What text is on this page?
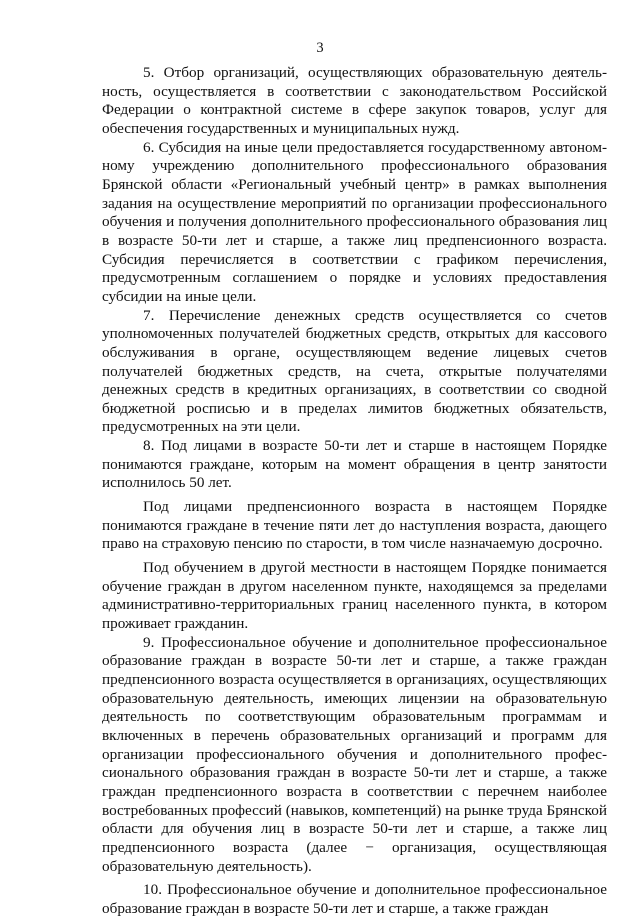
3

5. Отбор организаций, осуществляющих образовательную деятельность, осуществляется в соответствии с законодательством Российской Федерации о контрактной системе в сфере закупок товаров, услуг для обеспечения государственных и муниципальных нужд.

6. Субсидия на иные цели предоставляется государственному автономному учреждению дополнительного профессионального образования Брянской области «Региональный учебный центр» в рамках выполнения задания на осуществление мероприятий по организации профессионального обучения и получения дополнительного профессионального образования лиц в возрасте 50-ти лет и старше, а также лиц предпенсионного возраста. Субсидия перечисляется в соответствии с графиком перечисления, предусмотренным соглашением о порядке и условиях предоставления субсидии на иные цели.

7. Перечисление денежных средств осуществляется со счетов уполномоченных получателей бюджетных средств, открытых для кассового обслуживания в органе, осуществляющем ведение лицевых счетов получателей бюджетных средств, на счета, открытые получателями денежных средств в кредитных организациях, в соответствии со сводной бюджетной росписью и в пределах лимитов бюджетных обязательств, предусмотренных на эти цели.

8. Под лицами в возрасте 50-ти лет и старше в настоящем Порядке понимаются граждане, которым на момент обращения в центр занятости исполнилось 50 лет.

Под лицами предпенсионного возраста в настоящем Порядке понимаются граждане в течение пяти лет до наступления возраста, дающего право на страховую пенсию по старости, в том числе назначаемую досрочно.

Под обучением в другой местности в настоящем Порядке понимается обучение граждан в другом населенном пункте, находящемся за пределами административно-территориальных границ населенного пункта, в котором проживает гражданин.

9. Профессиональное обучение и дополнительное профессиональное образование граждан в возрасте 50-ти лет и старше, а также граждан предпенсионного возраста осуществляется в организациях, осуществляющих образовательную деятельность, имеющих лицензии на образовательную деятельность по соответствующим образовательным программам и включенных в перечень образовательных организаций и программ для организации профессионального обучения и дополнительного профессионального образования граждан в возрасте 50-ти лет и старше, а также граждан предпенсионного возраста в соответствии с перечнем наиболее востребованных профессий (навыков, компетенций) на рынке труда Брянской области для обучения лиц в возрасте 50-ти лет и старше, а также лиц предпенсионного возраста (далее − организация, осуществляющая образовательную деятельность).

10. Профессиональное обучение и дополнительное профессиональное образование граждан в возрасте 50-ти лет и старше, а также граждан
